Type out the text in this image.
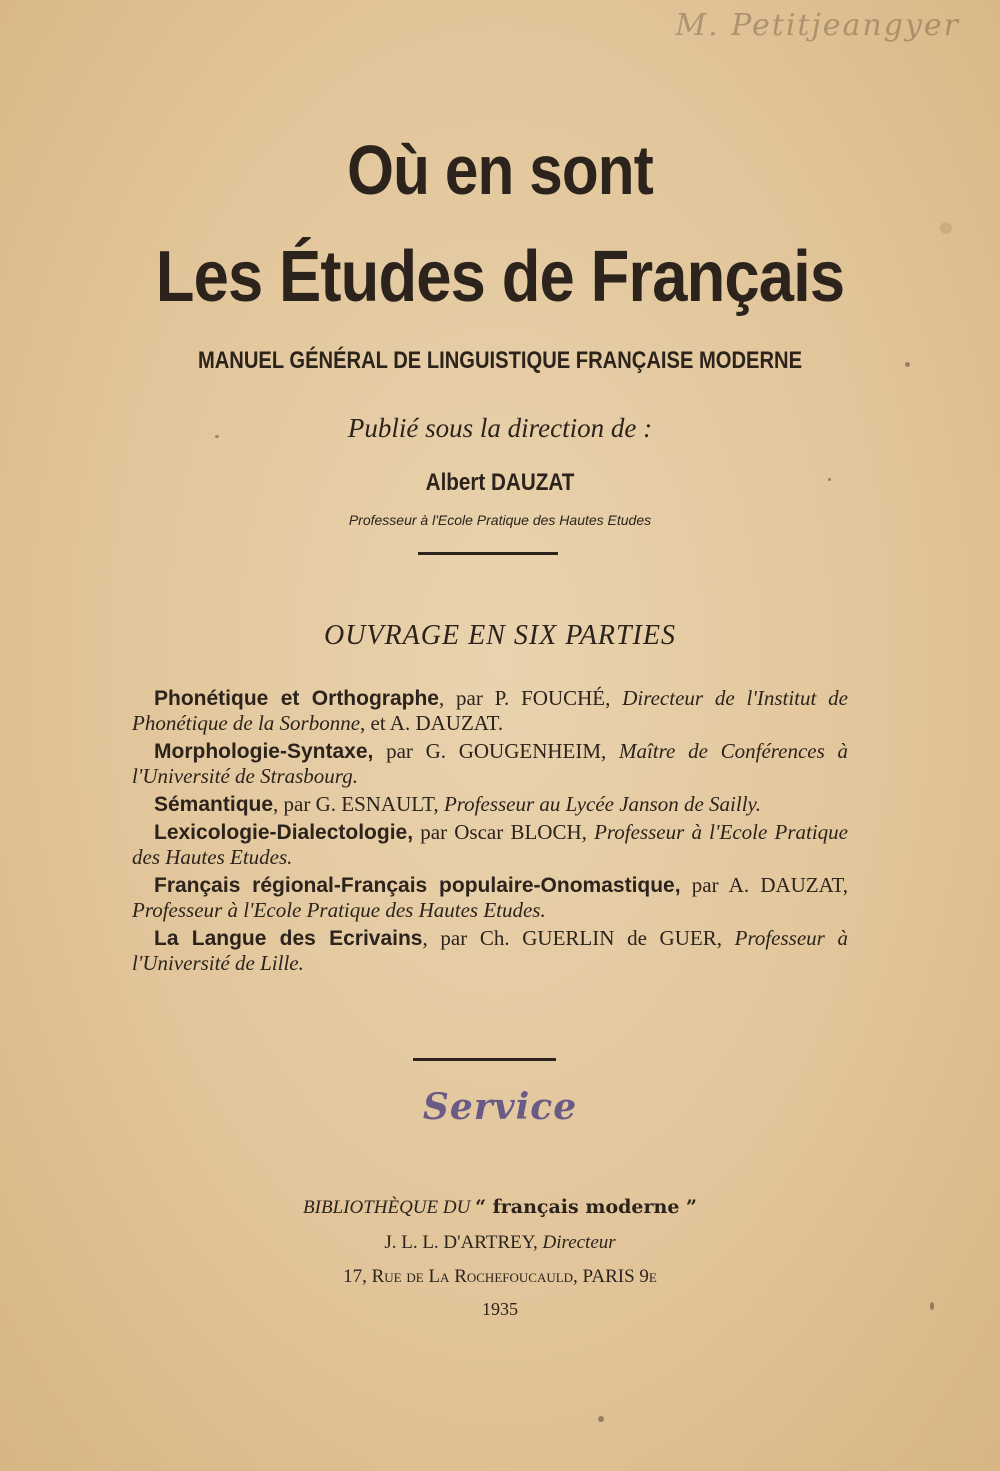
M. Petitjeangyer
Où en sont
Les Études de Français
MANUEL GÉNÉRAL DE LINGUISTIQUE FRANÇAISE MODERNE
Publié sous la direction de :
Albert DAUZAT
Professeur à l'Ecole Pratique des Hautes Etudes
OUVRAGE EN SIX PARTIES

Phonétique et Orthographe, par P. FOUCHÉ, Directeur de l'Institut de Phonétique de la Sorbonne, et A. DAUZAT.

Morphologie-Syntaxe, par G. GOUGENHEIM, Maître de Conférences à l'Université de Strasbourg.

Sémantique, par G. ESNAULT, Professeur au Lycée Janson de Sailly.

Lexicologie-Dialectologie, par Oscar BLOCH, Professeur à l'Ecole Pratique des Hautes Etudes.

Français régional-Français populaire-Onomastique, par A. DAUZAT, Professeur à l'Ecole Pratique des Hautes Etudes.

La Langue des Ecrivains, par Ch. GUERLIN de GUER, Professeur à l'Université de Lille.

Service
BIBLIOTHÈQUE DU “ français moderne ”
J. L. L. D'ARTREY, Directeur
17, Rue de La Rochefoucauld, PARIS 9e
1935
